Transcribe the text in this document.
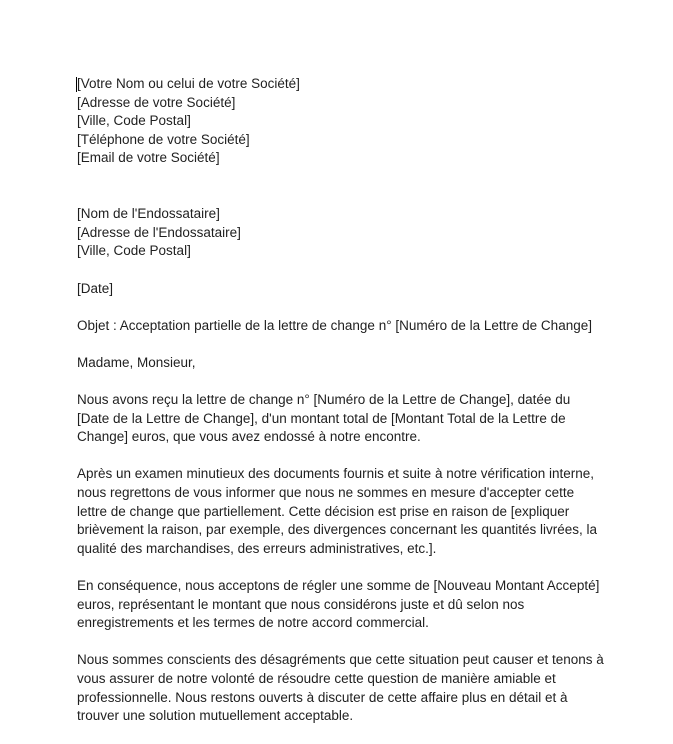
[Votre Nom ou celui de votre Société]
[Adresse de votre Société]
[Ville, Code Postal]
[Téléphone de votre Société]
[Email de votre Société]
[Nom de l'Endossataire]
[Adresse de l'Endossataire]
[Ville, Code Postal]

[Date]

Objet : Acceptation partielle de la lettre de change n° [Numéro de la Lettre de Change]

Madame, Monsieur,

Nous avons reçu la lettre de change n° [Numéro de la Lettre de Change], datée du [Date de la Lettre de Change], d'un montant total de [Montant Total de la Lettre de Change] euros, que vous avez endossé à notre encontre.

Après un examen minutieux des documents fournis et suite à notre vérification interne, nous regrettons de vous informer que nous ne sommes en mesure d'accepter cette lettre de change que partiellement. Cette décision est prise en raison de [expliquer brièvement la raison, par exemple, des divergences concernant les quantités livrées, la qualité des marchandises, des erreurs administratives, etc.].

En conséquence, nous acceptons de régler une somme de [Nouveau Montant Accepté] euros, représentant le montant que nous considérons juste et dû selon nos enregistrements et les termes de notre accord commercial.

Nous sommes conscients des désagréments que cette situation peut causer et tenons à vous assurer de notre volonté de résoudre cette question de manière amiable et professionnelle. Nous restons ouverts à discuter de cette affaire plus en détail et à trouver une solution mutuellement acceptable.
